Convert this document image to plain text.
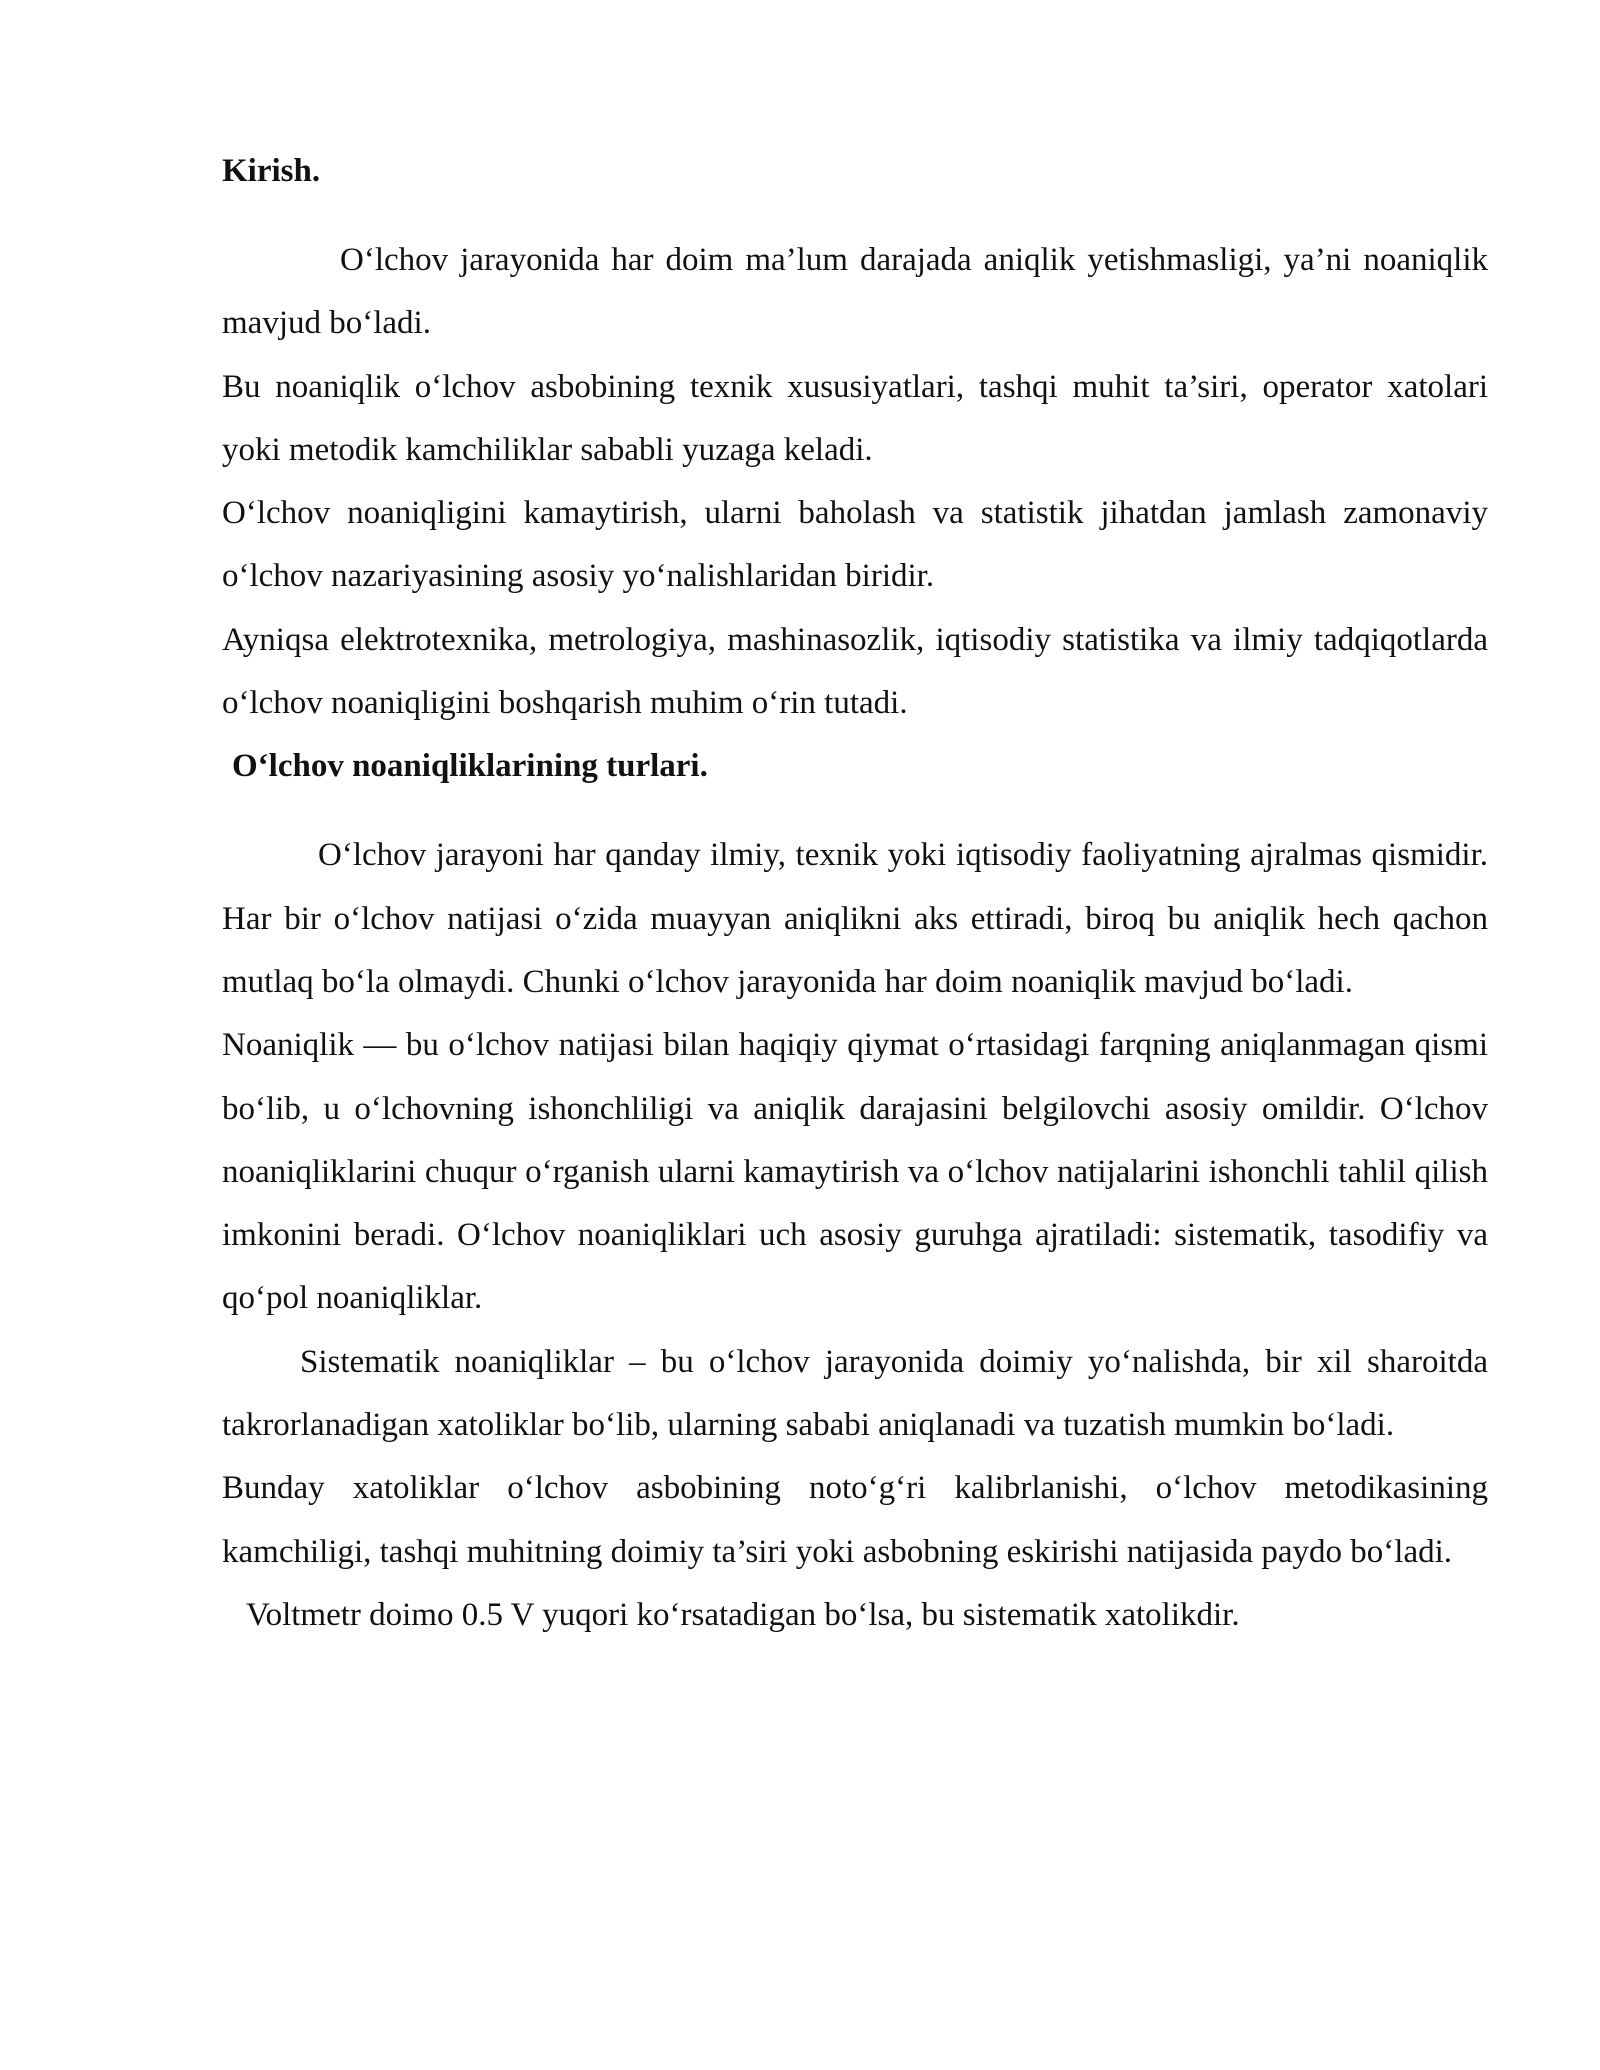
Kirish.

O‘lchov jarayonida har doim ma’lum darajada aniqlik yetishmasligi, ya’ni noaniqlik mavjud bo‘ladi.

Bu noaniqlik o‘lchov asbobining texnik xususiyatlari, tashqi muhit ta’siri, operator xatolari yoki metodik kamchiliklar sababli yuzaga keladi.

O‘lchov noaniqligini kamaytirish, ularni baholash va statistik jihatdan jamlash zamonaviy o‘lchov nazariyasining asosiy yo‘nalishlaridan biridir.

Ayniqsa elektrotexnika, metrologiya, mashinasozlik, iqtisodiy statistika va ilmiy tadqiqotlarda o‘lchov noaniqligini boshqarish muhim o‘rin tutadi.

O‘lchov noaniqliklarining turlari.

O‘lchov jarayoni har qanday ilmiy, texnik yoki iqtisodiy faoliyatning ajralmas qismidir. Har bir o‘lchov natijasi o‘zida muayyan aniqlikni aks ettiradi, biroq bu aniqlik hech qachon mutlaq bo‘la olmaydi. Chunki o‘lchov jarayonida har doim noaniqlik mavjud bo‘ladi.

Noaniqlik — bu o‘lchov natijasi bilan haqiqiy qiymat o‘rtasidagi farqning aniqlanmagan qismi bo‘lib, u o‘lchovning ishonchliligi va aniqlik darajasini belgilovchi asosiy omildir. O‘lchov noaniqliklarini chuqur o‘rganish ularni kamaytirish va o‘lchov natijalarini ishonchli tahlil qilish imkonini beradi. O‘lchov noaniqliklari uch asosiy guruhga ajratiladi: sistematik, tasodifiy va qo‘pol noaniqliklar.

Sistematik noaniqliklar – bu o‘lchov jarayonida doimiy yo‘nalishda, bir xil sharoitda takrorlanadigan xatoliklar bo‘lib, ularning sababi aniqlanadi va tuzatish mumkin bo‘ladi.

Bunday xatoliklar o‘lchov asbobining noto‘g‘ri kalibrlanishi, o‘lchov metodikasining kamchiligi, tashqi muhitning doimiy ta’siri yoki asbobning eskirishi natijasida paydo bo‘ladi.

Voltmetr doimo 0.5 V yuqori ko‘rsatadigan bo‘lsa, bu sistematik xatolikdir.
